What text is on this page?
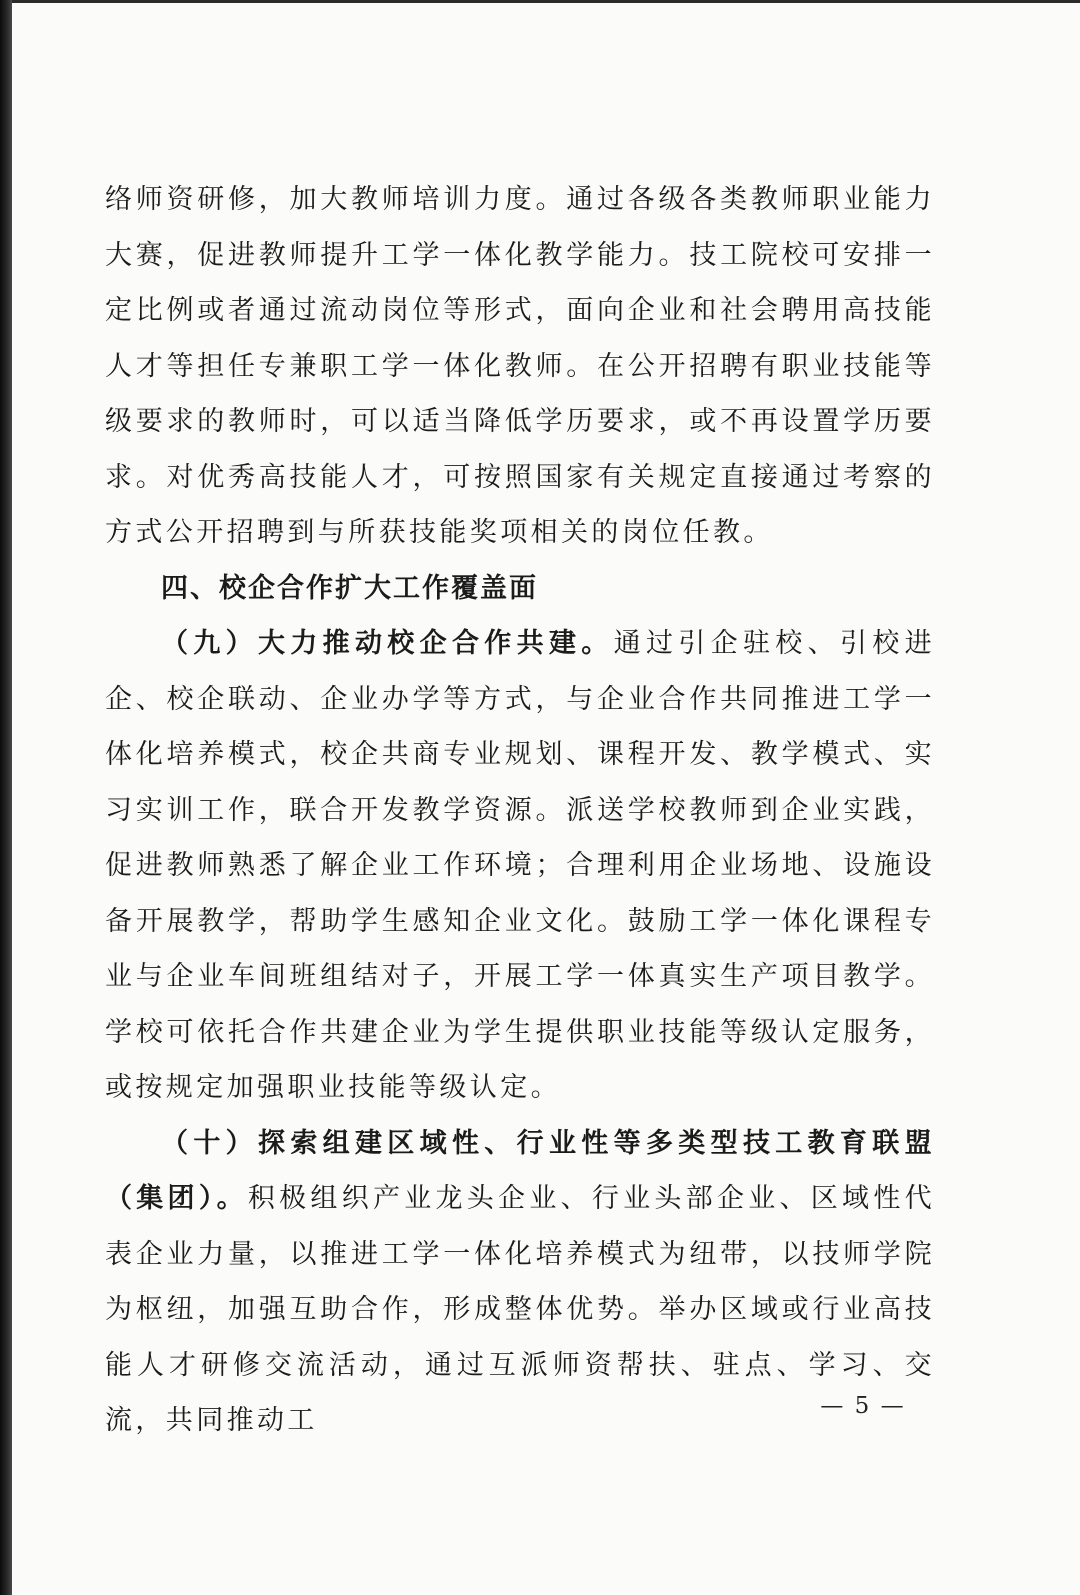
络师资研修，加大教师培训力度。通过各级各类教师职业能力大赛，促进教师提升工学一体化教学能力。技工院校可安排一定比例或者通过流动岗位等形式，面向企业和社会聘用高技能人才等担任专兼职工学一体化教师。在公开招聘有职业技能等级要求的教师时，可以适当降低学历要求，或不再设置学历要求。对优秀高技能人才，可按照国家有关规定直接通过考察的方式公开招聘到与所获技能奖项相关的岗位任教。

四、校企合作扩大工作覆盖面

（九）大力推动校企合作共建。通过引企驻校、引校进企、校企联动、企业办学等方式，与企业合作共同推进工学一体化培养模式，校企共商专业规划、课程开发、教学模式、实习实训工作，联合开发教学资源。派送学校教师到企业实践，促进教师熟悉了解企业工作环境；合理利用企业场地、设施设备开展教学，帮助学生感知企业文化。鼓励工学一体化课程专业与企业车间班组结对子，开展工学一体真实生产项目教学。学校可依托合作共建企业为学生提供职业技能等级认定服务，或按规定加强职业技能等级认定。

（十）探索组建区域性、行业性等多类型技工教育联盟（集团）。积极组织产业龙头企业、行业头部企业、区域性代表企业力量，以推进工学一体化培养模式为纽带，以技师学院为枢纽，加强互助合作，形成整体优势。举办区域或行业高技能人才研修交流活动，通过互派师资帮扶、驻点、学习、交流，共同推动工	— 5 —
